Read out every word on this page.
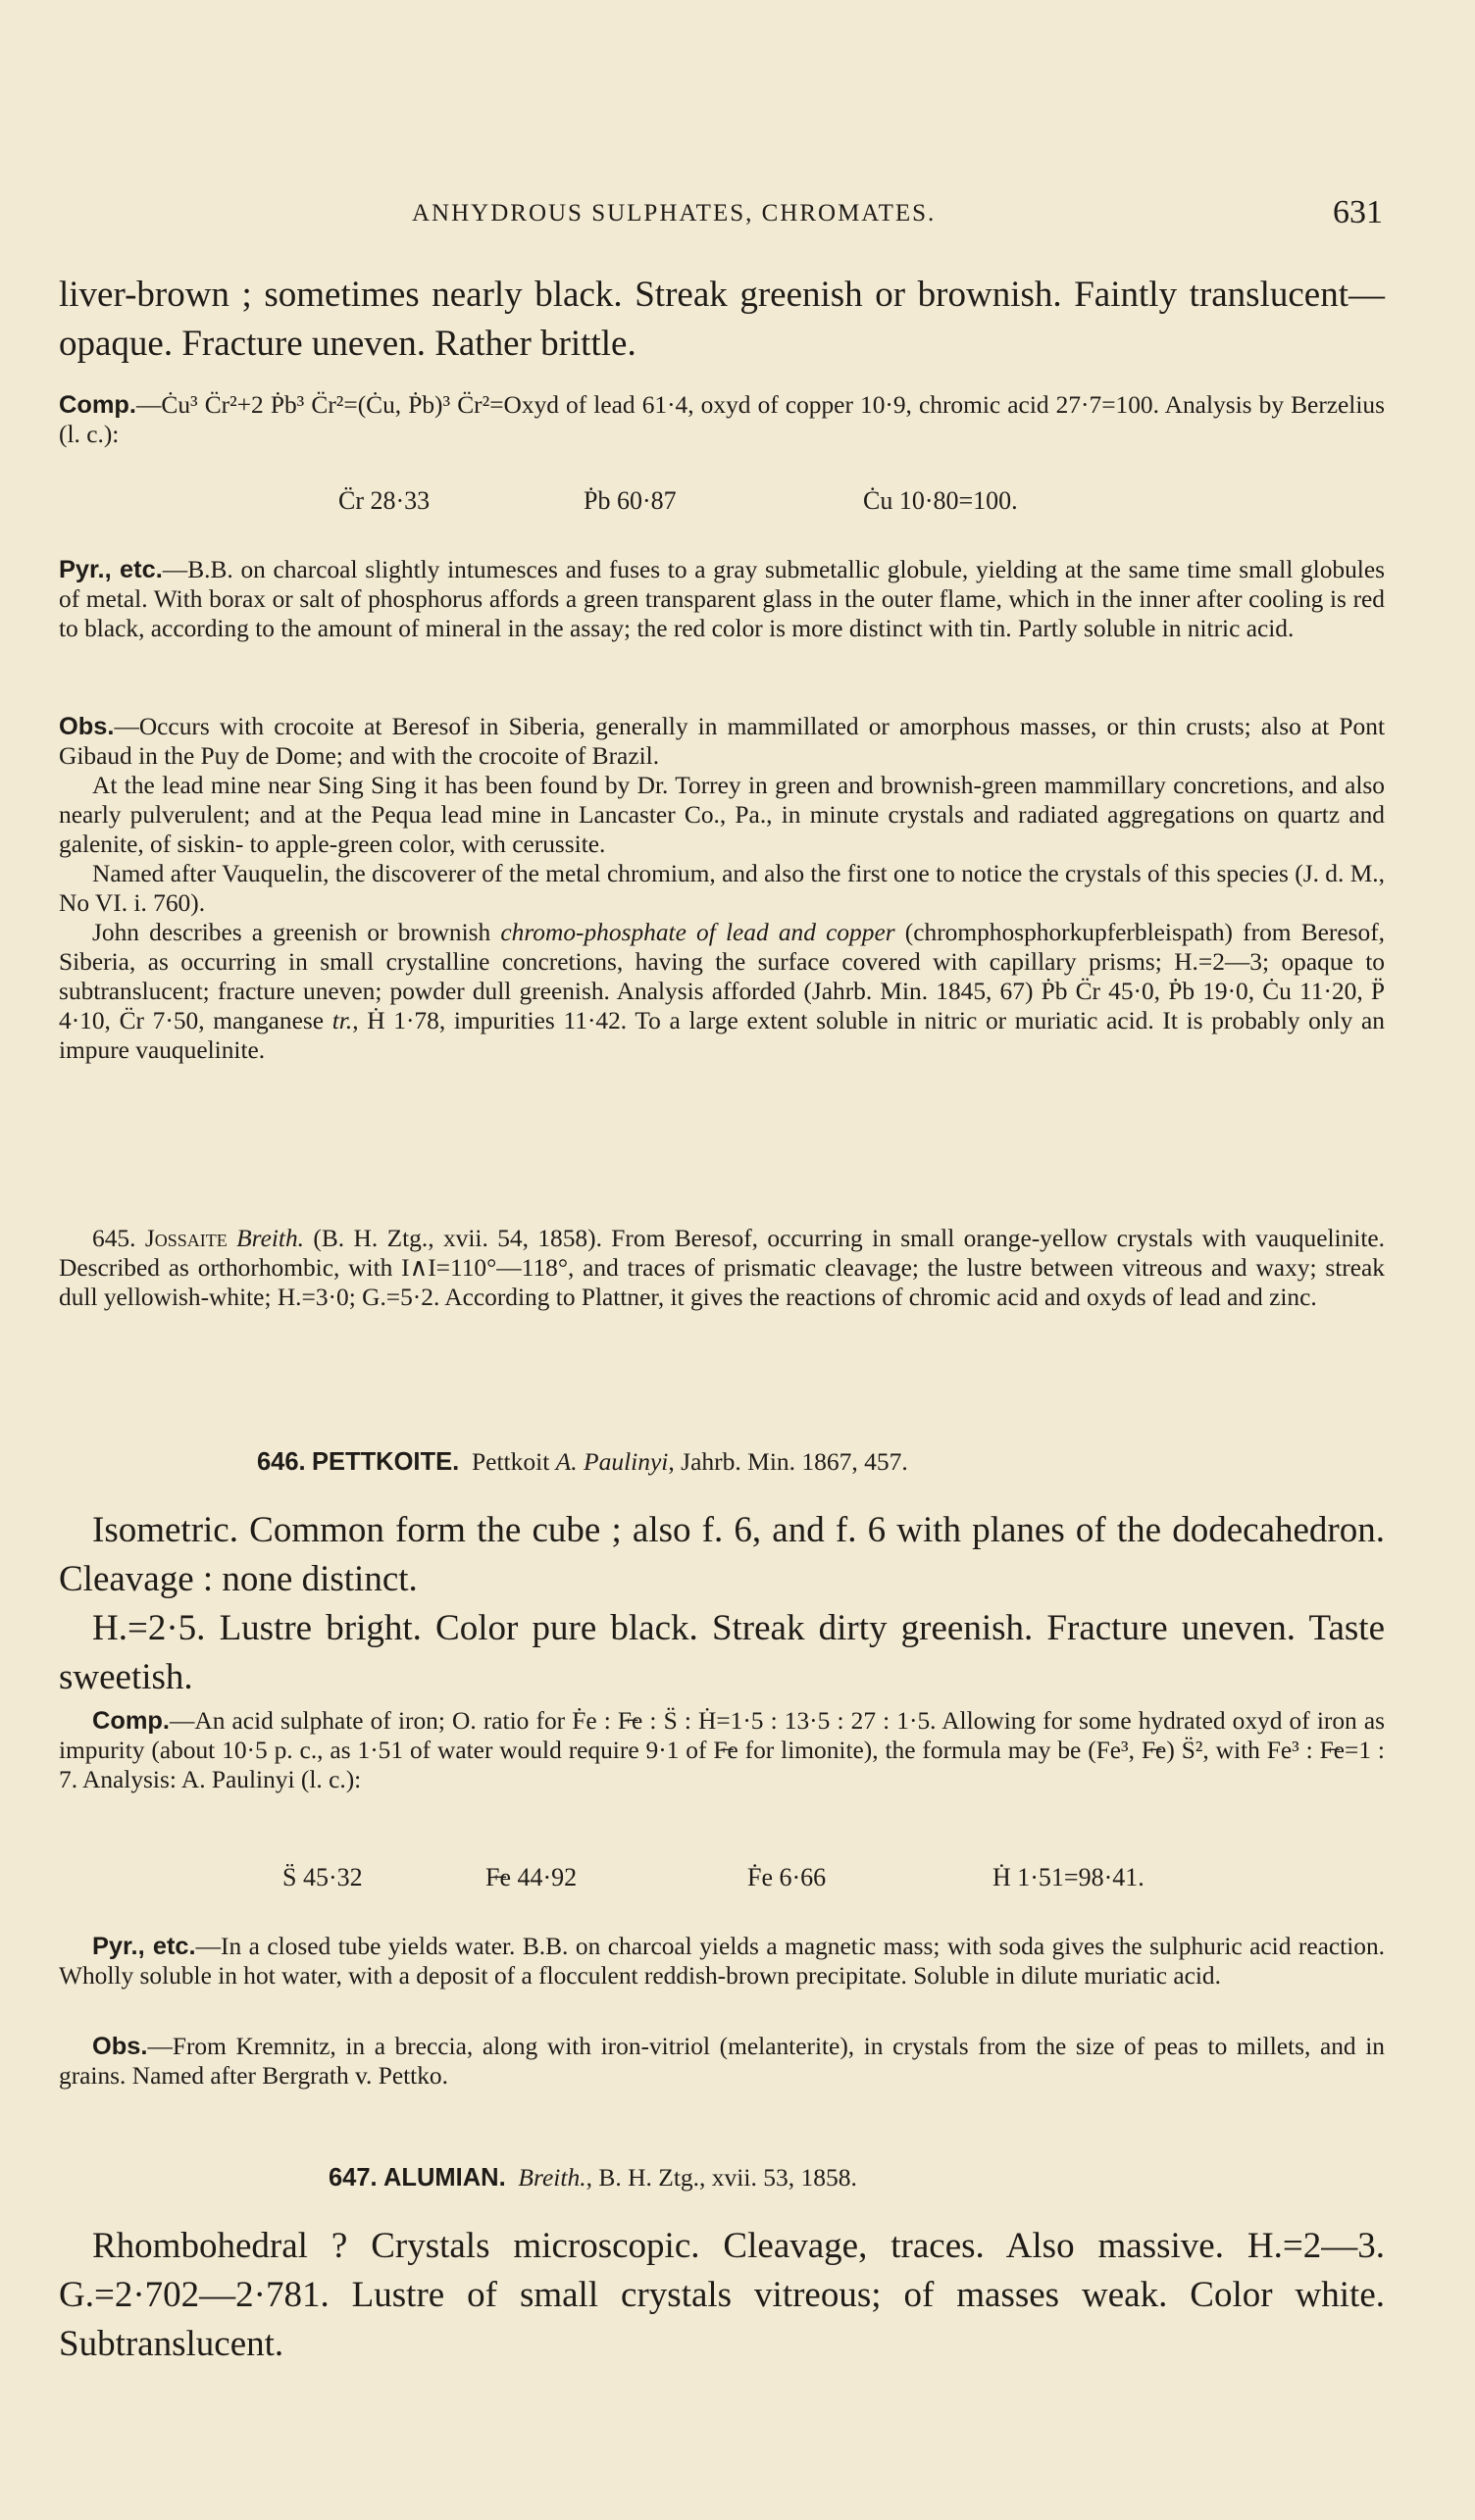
ANHYDROUS SULPHATES, CHROMATES.	631

liver-brown ; sometimes nearly black. Streak greenish or brownish. Faintly translucent—opaque. Fracture uneven. Rather brittle.

Comp.—Ċu³ C̈r²+2 Ṗb³ C̈r²=(Ċu, Ṗb)³ C̈r²=Oxyd of lead 61·4, oxyd of copper 10·9, chromic acid 27·7=100. Analysis by Berzelius (l. c.):

C̈r 28·33	Ṗb 60·87	Ċu 10·80=100.

Pyr., etc.—B.B. on charcoal slightly intumesces and fuses to a gray submetallic globule, yielding at the same time small globules of metal. With borax or salt of phosphorus affords a green transparent glass in the outer flame, which in the inner after cooling is red to black, according to the amount of mineral in the assay; the red color is more distinct with tin. Partly soluble in nitric acid.

Obs.—Occurs with crocoite at Beresof in Siberia, generally in mammillated or amorphous masses, or thin crusts; also at Pont Gibaud in the Puy de Dome; and with the crocoite of Brazil.

At the lead mine near Sing Sing it has been found by Dr. Torrey in green and brownish-green mammillary concretions, and also nearly pulverulent; and at the Pequa lead mine in Lancaster Co., Pa., in minute crystals and radiated aggregations on quartz and galenite, of siskin- to apple-green color, with cerussite.

Named after Vauquelin, the discoverer of the metal chromium, and also the first one to notice the crystals of this species (J. d. M., No VI. i. 760).

John describes a greenish or brownish chromo-phosphate of lead and copper (chromphosphorkupferbleispath) from Beresof, Siberia, as occurring in small crystalline concretions, having the surface covered with capillary prisms; H.=2—3; opaque to subtranslucent; fracture uneven; powder dull greenish. Analysis afforded (Jahrb. Min. 1845, 67) Ṗb C̈r 45·0, Ṗb 19·0, Ċu 11·20, P̈ 4·10, C̈r 7·50, manganese tr., Ḣ 1·78, impurities 11·42. To a large extent soluble in nitric or muriatic acid. It is probably only an impure vauquelinite.

645. Jossaite Breith. (B. H. Ztg., xvii. 54, 1858). From Beresof, occurring in small orange-yellow crystals with vauquelinite. Described as orthorhombic, with I∧I=110°—118°, and traces of prismatic cleavage; the lustre between vitreous and waxy; streak dull yellowish-white; H.=3·0; G.=5·2. According to Plattner, it gives the reactions of chromic acid and oxyds of lead and zinc.

646. PETTKOITE. Pettkoit A. Paulinyi, Jahrb. Min. 1867, 457.

Isometric. Common form the cube ; also f. 6, and f. 6 with planes of the dodecahedron. Cleavage : none distinct.

H.=2·5. Lustre bright. Color pure black. Streak dirty greenish. Fracture uneven. Taste sweetish.

Comp.—An acid sulphate of iron; O. ratio for Ḟe : F̶e : S̈ : Ḣ=1·5 : 13·5 : 27 : 1·5. Allowing for some hydrated oxyd of iron as impurity (about 10·5 p. c., as 1·51 of water would require 9·1 of F̶e for limonite), the formula may be (Fe³, F̶e) S̈², with Fe³ : F̶e=1 : 7. Analysis: A. Paulinyi (l. c.):

S̈ 45·32	F̶e 44·92	Ḟe 6·66	Ḣ 1·51=98·41.

Pyr., etc.—In a closed tube yields water. B.B. on charcoal yields a magnetic mass; with soda gives the sulphuric acid reaction. Wholly soluble in hot water, with a deposit of a flocculent reddish-brown precipitate. Soluble in dilute muriatic acid.

Obs.—From Kremnitz, in a breccia, along with iron-vitriol (melanterite), in crystals from the size of peas to millets, and in grains. Named after Bergrath v. Pettko.

647. ALUMIAN. Breith., B. H. Ztg., xvii. 53, 1858.

Rhombohedral ? Crystals microscopic. Cleavage, traces. Also massive. H.=2—3. G.=2·702—2·781. Lustre of small crystals vitreous; of masses weak. Color white. Subtranslucent.
